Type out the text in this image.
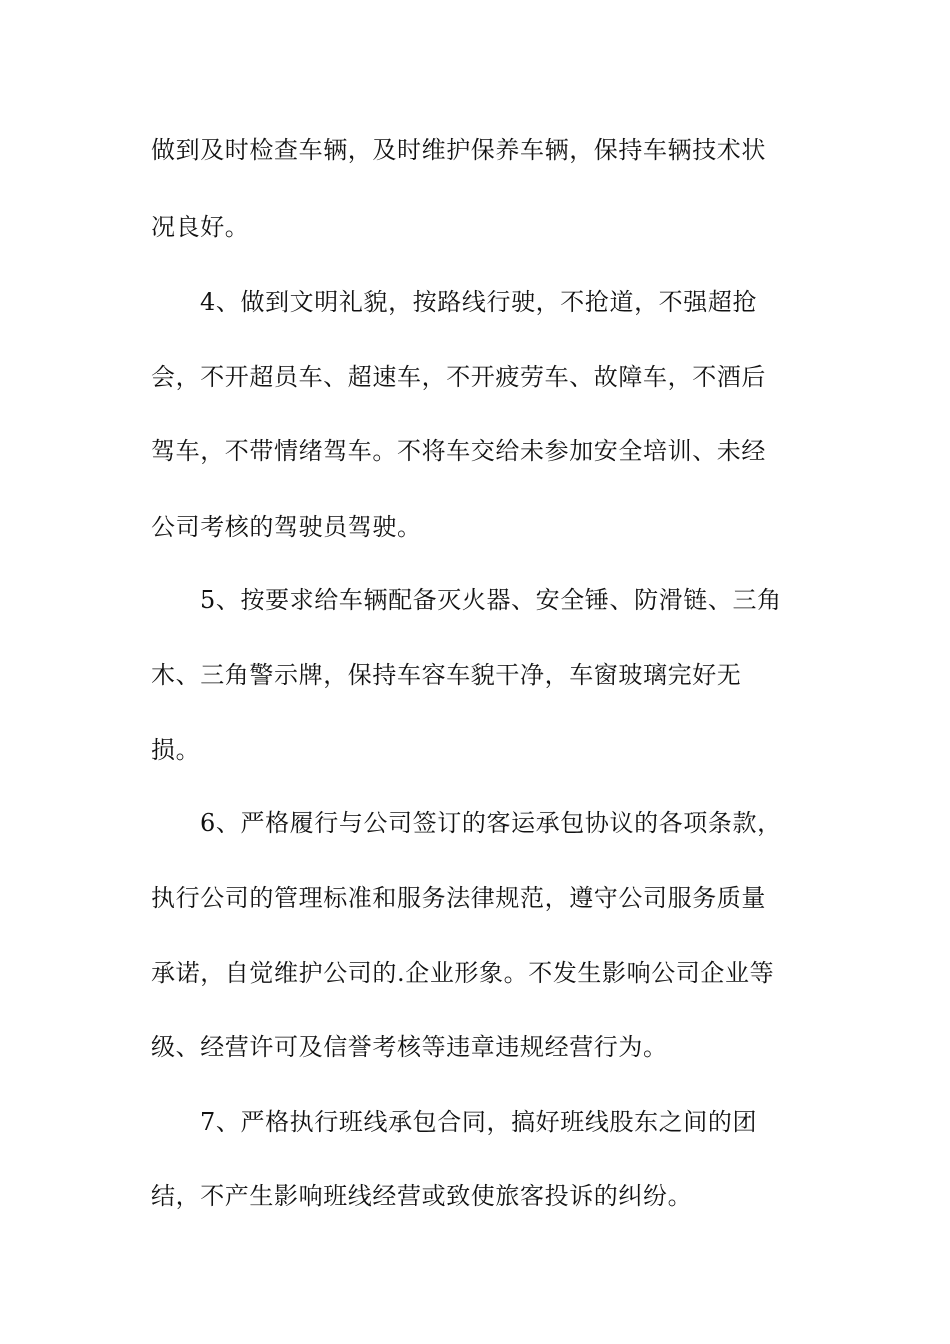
做到及时检查车辆，及时维护保养车辆，保持车辆技术状
况良好。
4、做到文明礼貌，按路线行驶，不抢道，不强超抢
会，不开超员车、超速车，不开疲劳车、故障车，不酒后
驾车，不带情绪驾车。不将车交给未参加安全培训、未经
公司考核的驾驶员驾驶。
5、按要求给车辆配备灭火器、安全锤、防滑链、三角
木、三角警示牌，保持车容车貌干净，车窗玻璃完好无
损。
6、严格履行与公司签订的客运承包协议的各项条款，
执行公司的管理标准和服务法律规范，遵守公司服务质量
承诺，自觉维护公司的.企业形象。不发生影响公司企业等
级、经营许可及信誉考核等违章违规经营行为。
7、严格执行班线承包合同，搞好班线股东之间的团
结，不产生影响班线经营或致使旅客投诉的纠纷。
